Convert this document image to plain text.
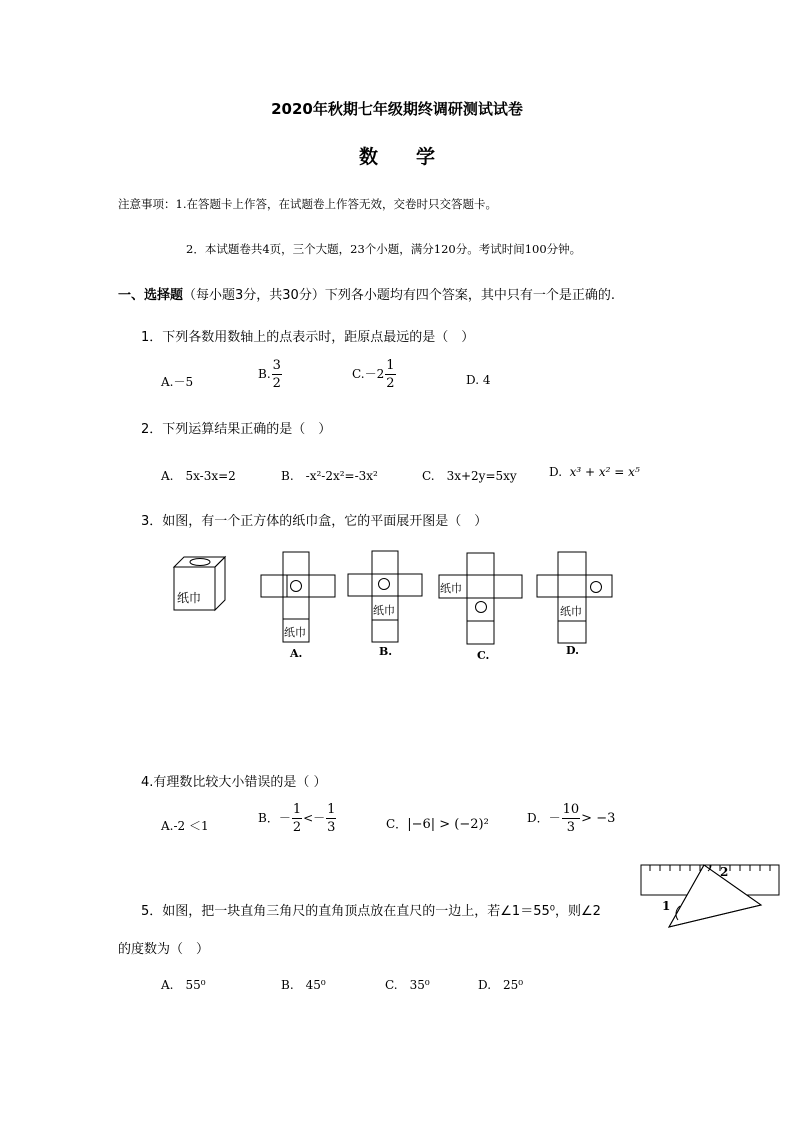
2020年秋期七年级期终调研测试试卷
数学
注意事项：1.在答题卡上作答，在试题卷上作答无效，交卷时只交答题卡。
2．本试题卷共4页，三个大题，23个小题，满分120分。考试时间100分钟。
一、选择题（每小题3分，共30分）下列各小题均有四个答案，其中只有一个是正确的.
1．下列各数用数轴上的点表示时，距原点最远的是（　）
A.－5
B. $\frac{3}{2}$	$C.-2 \frac{1}{2}$	D. 4
2．下列运算结果正确的是（　）
A.　5x-3x=2	B.　-x²-2x²=-3x²	C.　3x+2y=5xy	D. x³ + x² = x⁵
3．如图，有一个正方体的纸巾盒，它的平面展开图是（　）
纸巾
纸巾
纸巾
纸巾
纸巾
A.	B.	C.	D.
4.有理数比较大小错误的是（ ）
A.-2 ＜1
B．－ $\frac{1}{2} <- \frac{1}{3}$	C．|−6| > (−2)²	D．－ $\frac{10}{3} > -3$
1
2
5．如图，把一块直角三角尺的直角顶点放在直尺的一边上，若∠1＝55⁰，则∠2
的度数为（　）
A.　55⁰	B.　45⁰	C.　35⁰	D.　25⁰
